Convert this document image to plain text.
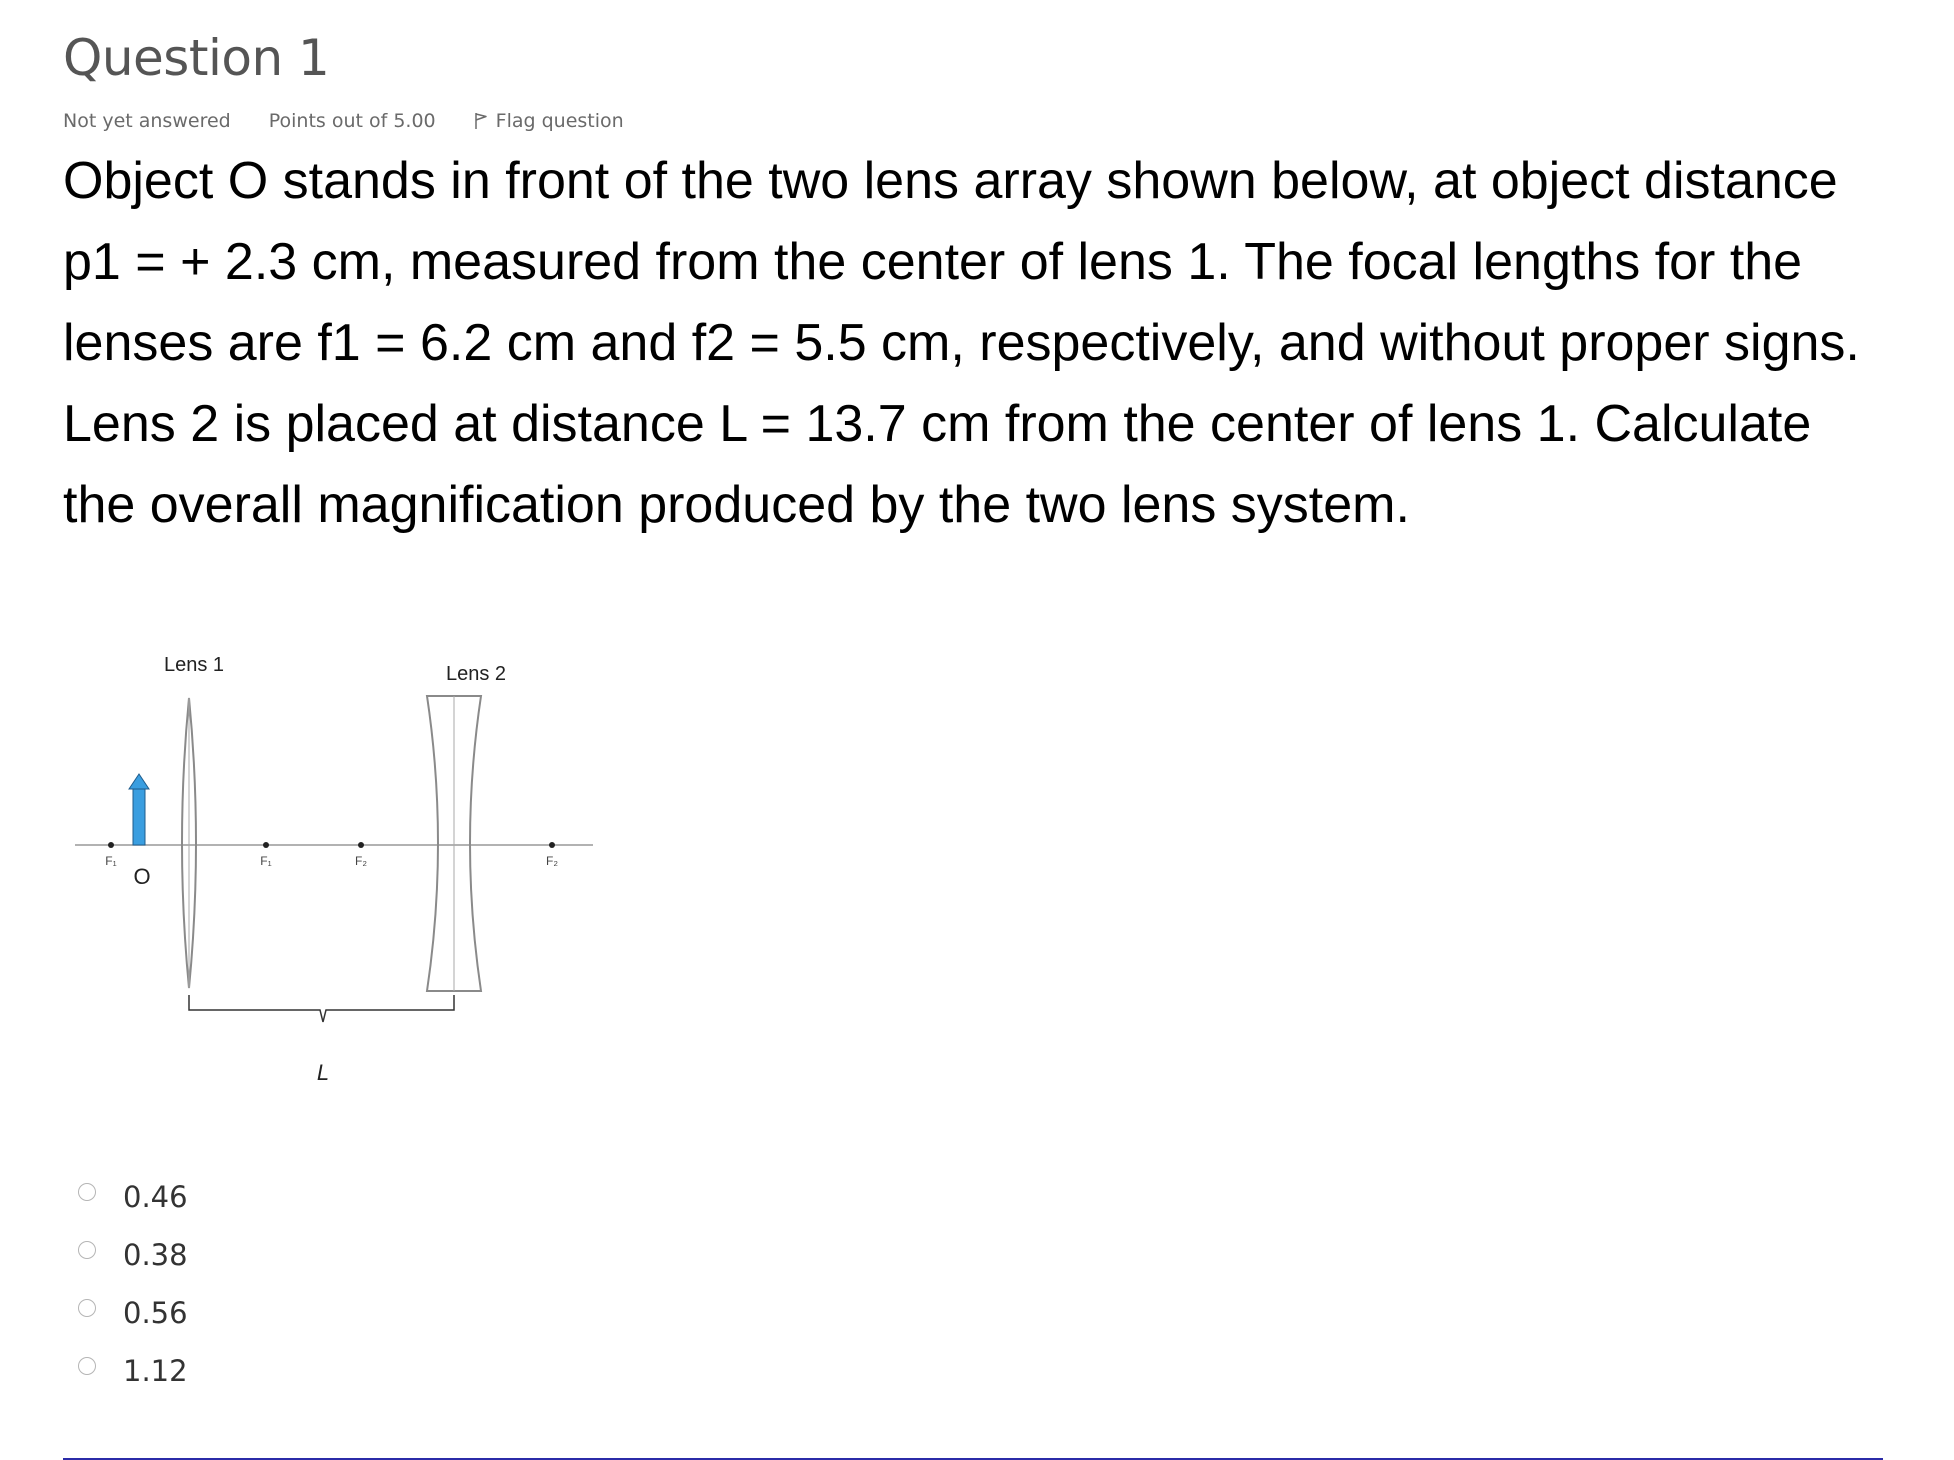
Question 1
Not yet answered Points out of 5.00	Flag question

Object O stands in front of the two lens array shown below, at object distance p1 = + 2.3 cm, measured from the center of lens 1. The focal lengths for the lenses are f1 = 6.2 cm and f2 = 5.5 cm, respectively, and without proper signs. Lens 2 is placed at distance L = 13.7 cm from the center of lens 1. Calculate the overall magnification produced by the two lens system.

Lens 1	Lens 2
O
F₁	F₁	F₂	F₂
L
0.46
0.38
0.56
1.12
